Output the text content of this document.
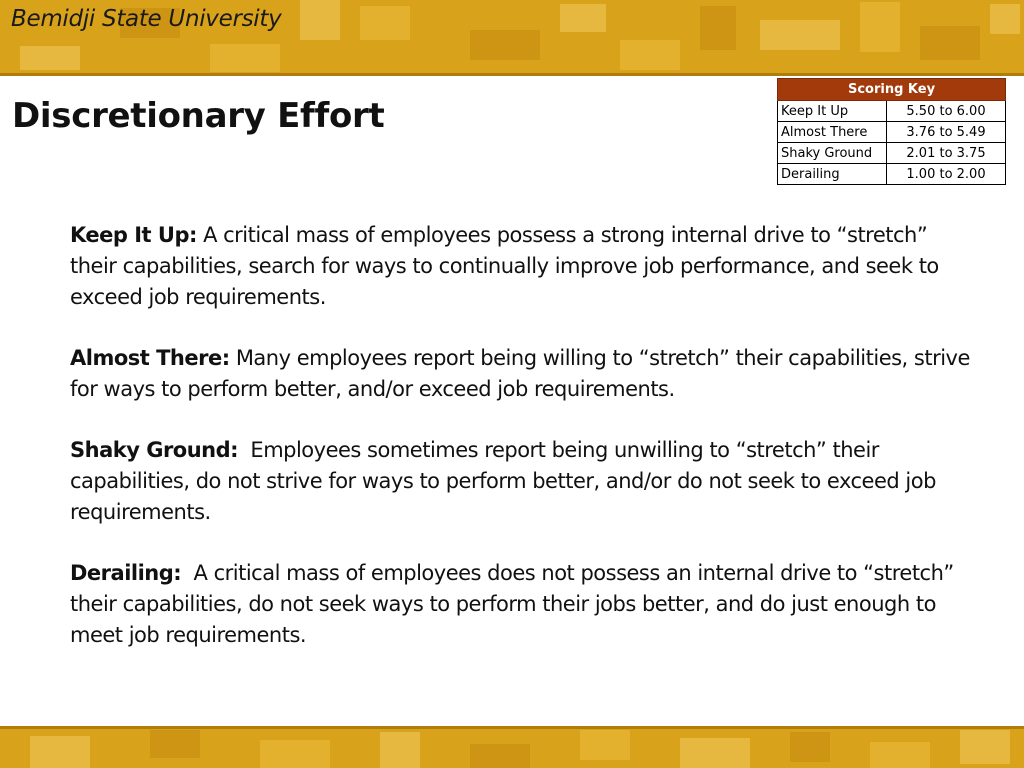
Bemidji State University
Discretionary Effort
Scoring Key	
Keep It Up	5.50 to 6.00
Almost There	3.76 to 5.49
Shaky Ground	2.01 to 3.75
Derailing	1.00 to 2.00

Keep It Up: A critical mass of employees possess a strong internal drive to “stretch” their capabilities, search for ways to continually improve job performance, and seek to exceed job requirements.

Almost There: Many employees report being willing to “stretch” their capabilities, strive for ways to perform better, and/or exceed job requirements.

Shaky Ground: Employees sometimes report being unwilling to “stretch” their capabilities, do not strive for ways to perform better, and/or do not seek to exceed job requirements.

Derailing: A critical mass of employees does not possess an internal drive to “stretch” their capabilities, do not seek ways to perform their jobs better, and do just enough to meet job requirements.
